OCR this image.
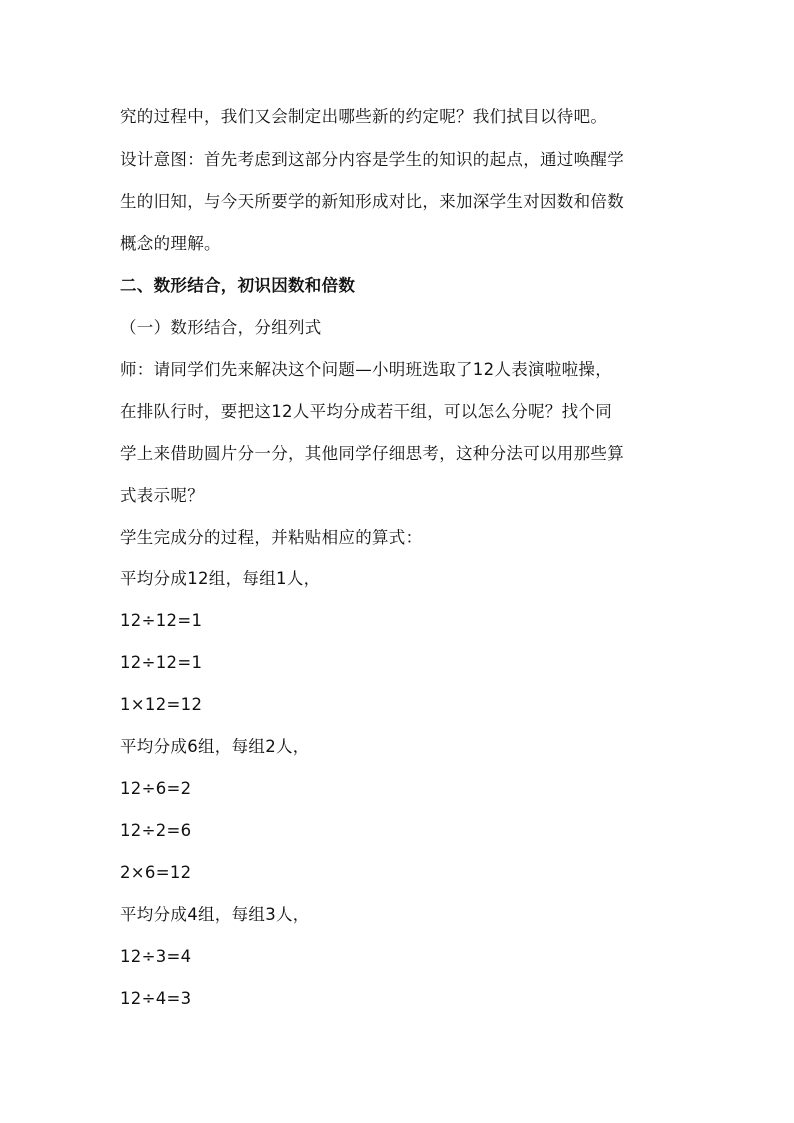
究的过程中，我们又会制定出哪些新的约定呢？我们拭目以待吧。
设计意图：首先考虑到这部分内容是学生的知识的起点，通过唤醒学
生的旧知，与今天所要学的新知形成对比，来加深学生对因数和倍数
概念的理解。
二、数形结合，初识因数和倍数
（一）数形结合，分组列式
师：请同学们先来解决这个问题—小明班选取了12人表演啦啦操，
在排队行时，要把这12人平均分成若干组，可以怎么分呢？找个同
学上来借助圆片分一分，其他同学仔细思考，这种分法可以用那些算
式表示呢？
学生完成分的过程，并粘贴相应的算式：
平均分成12组，每组1人，
12÷12=1
12÷12=1
1×12=12
平均分成6组，每组2人，
12÷6=2
12÷2=6
2×6=12
平均分成4组，每组3人，
12÷3=4
12÷4=3
